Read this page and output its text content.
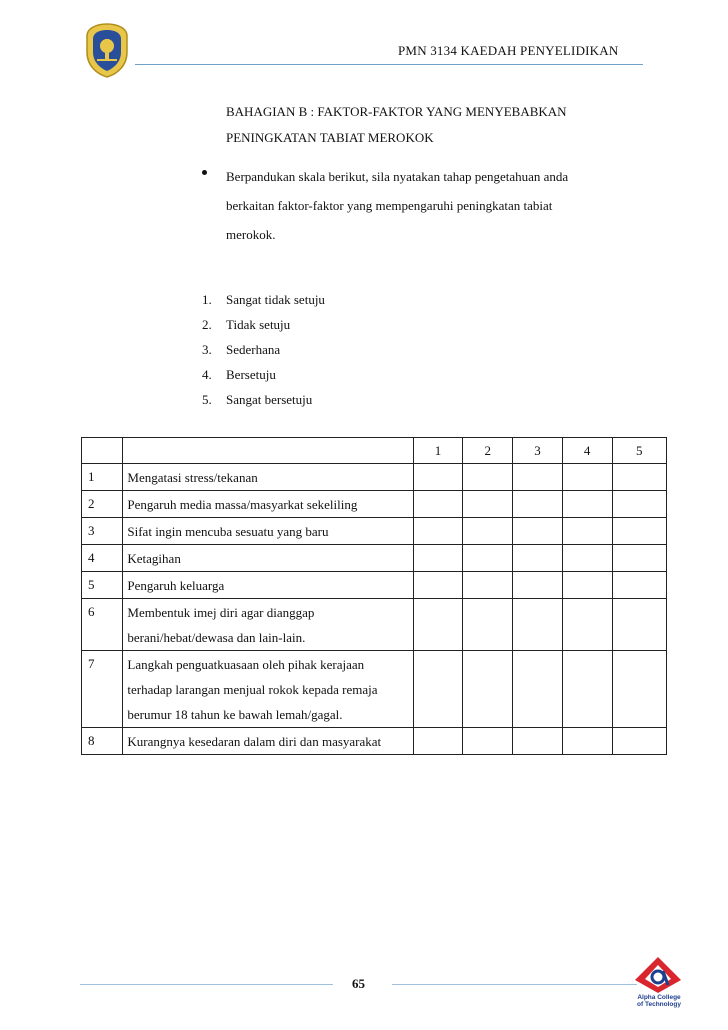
PMN 3134 KAEDAH PENYELIDIKAN
BAHAGIAN B : FAKTOR-FAKTOR YANG MENYEBABKAN
PENINGKATAN TABIAT MEROKOK
Berpandukan skala berikut, sila nyatakan tahap pengetahuan anda
berkaitan faktor-faktor yang mempengaruhi peningkatan tabiat
merokok.
1.	Sangat tidak setuju
2.	Tidak setuju
3.	Sederhana
4.	Bersetuju
5.	Sangat bersetuju
		1	2	3	4	5
1	Mengatasi stress/tekanan					

2	Pengaruh media massa/masyarkat sekeliling					

3	Sifat ingin mencuba sesuatu yang baru					

4	Ketagihan					

5	Pengaruh keluarga					

6	Membentuk imej diri agar dianggap
berani/hebat/dewasa dan lain-lain.					

7	Langkah penguatkuasaan oleh pihak kerajaan
terhadap larangan menjual rokok kepada remaja
berumur 18 tahun ke bawah lemah/gagal.					

8	Kurangnya kesedaran dalam diri dan masyarakat					

65
Alpha College
of Technology
